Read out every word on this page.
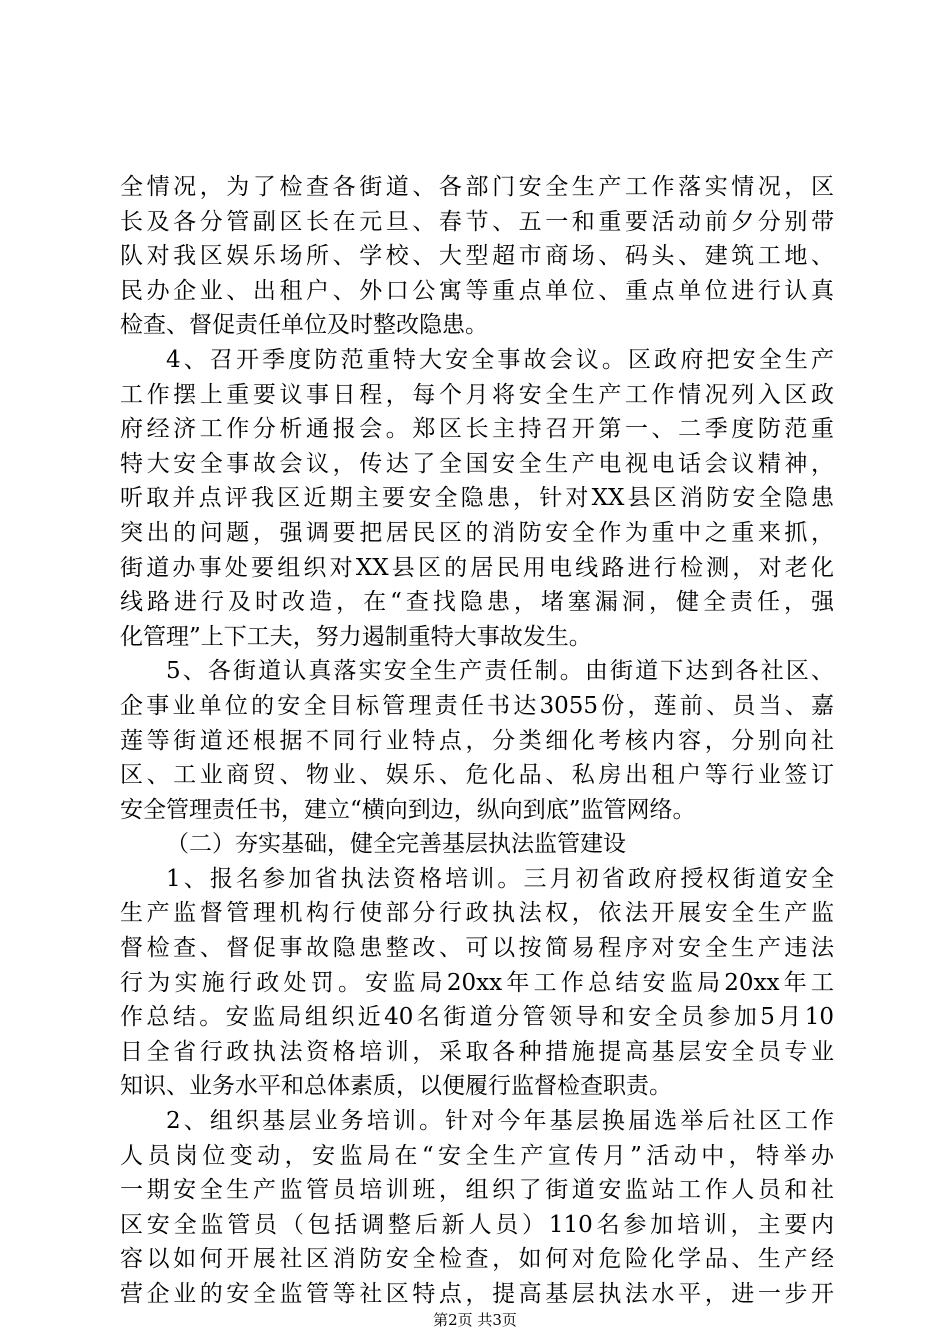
全情况，为了检查各街道、各部门安全生产工作落实情况，区
长及各分管副区长在元旦、春节、五一和重要活动前夕分别带
队对我区娱乐场所、学校、大型超市商场、码头、建筑工地、
民办企业、出租户、外口公寓等重点单位、重点单位进行认真
检查、督促责任单位及时整改隐患。
4、召开季度防范重特大安全事故会议。区政府把安全生产
工作摆上重要议事日程，每个月将安全生产工作情况列入区政
府经济工作分析通报会。郑区长主持召开第一、二季度防范重
特大安全事故会议，传达了全国安全生产电视电话会议精神，
听取并点评我区近期主要安全隐患，针对XX县区消防安全隐患
突出的问题，强调要把居民区的消防安全作为重中之重来抓，
街道办事处要组织对XX县区的居民用电线路进行检测，对老化
线路进行及时改造，在“查找隐患，堵塞漏洞，健全责任，强
化管理”上下工夫，努力遏制重特大事故发生。
5、各街道认真落实安全生产责任制。由街道下达到各社区、
企事业单位的安全目标管理责任书达3055份，莲前、员当、嘉
莲等街道还根据不同行业特点，分类细化考核内容，分别向社
区、工业商贸、物业、娱乐、危化品、私房出租户等行业签订
安全管理责任书，建立“横向到边，纵向到底”监管网络。
（二）夯实基础，健全完善基层执法监管建设
1、报名参加省执法资格培训。三月初省政府授权街道安全
生产监督管理机构行使部分行政执法权，依法开展安全生产监
督检查、督促事故隐患整改、可以按简易程序对安全生产违法
行为实施行政处罚。安监局20xx年工作总结安监局20xx年工
作总结。安监局组织近40名街道分管领导和安全员参加5月10
日全省行政执法资格培训，采取各种措施提高基层安全员专业
知识、业务水平和总体素质，以便履行监督检查职责。
2、组织基层业务培训。针对今年基层换届选举后社区工作
人员岗位变动，安监局在“安全生产宣传月”活动中，特举办
一期安全生产监管员培训班，组织了街道安监站工作人员和社
区安全监管员（包括调整后新人员）110名参加培训，主要内
容以如何开展社区消防安全检查，如何对危险化学品、生产经
营企业的安全监管等社区特点，提高基层执法水平，进一步开
第2页 共3页
